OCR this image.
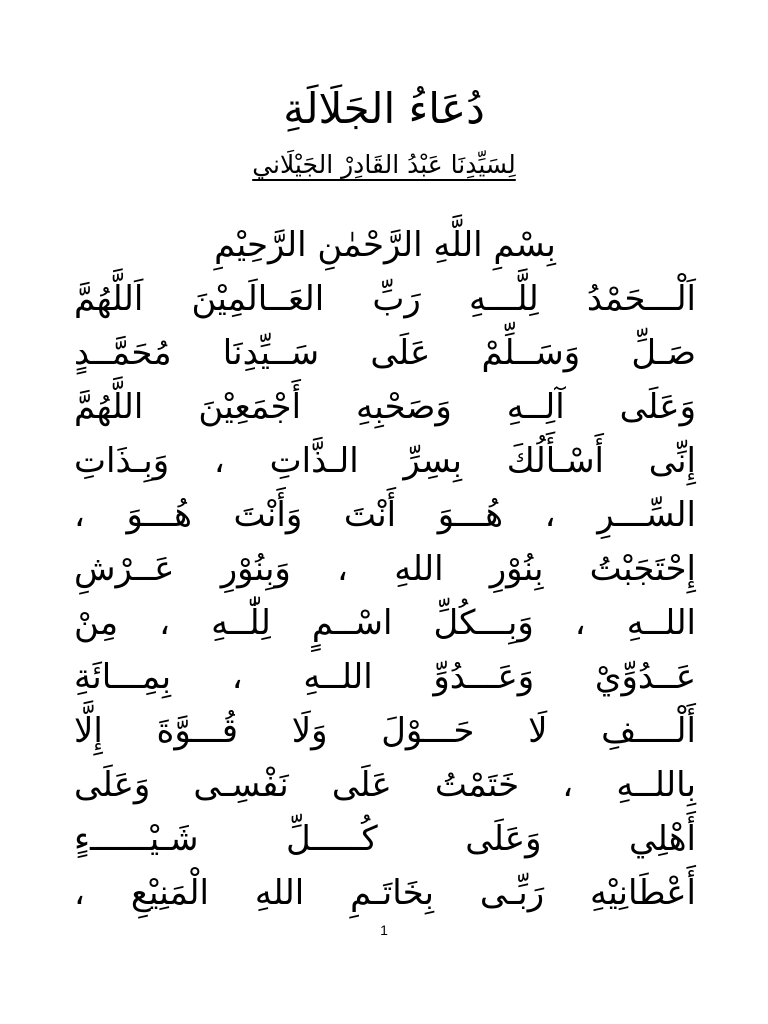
دُعَاءُ الجَلَالَةِ
لِسَيِّدِنَا عَبْدُ القَادِرْ الجَيْلَاني
بِسْمِ اللَّهِ الرَّحْمٰنِ الرَّحِيْمِ
اَلْـــحَمْدُ لِلَّـــهِ رَبِّ العَــالَمِيْنَ اَللَّهُمَّ
صَـلِّ وَسَــلِّمْ عَلَى سَــيِّدِنَا مُحَمَّــدٍ
وَعَلَى آلِــهِ وَصَحْبِهِ أَجْمَعِيْنَ اللَّهُمَّ
إِنِّى أَسْـأَلُكَ بِسِرِّ الـذَّاتِ ، وَبِـذَاتِ
السِّـــرِ ، هُـــوَ أَنْتَ وَأَنْتَ هُـــوَ ،
إِحْتَجَبْتُ بِنُوْرِ اللهِ ، وَبِنُوْرِ عَــرْشِ
اللــهِ ، وَبِـــكُلِّ اسْــمٍ لِلّٰــهِ ، مِنْ
عَــدُوِّيْ وَعَـــدُوِّ اللــهِ ، بِمِـــائَةِ
أَلْــــفِ لَا حَـــوْلَ وَلَا قُـــوَّةَ إِلَّا
بِاللــهِ ، خَتَمْتُ عَلَى نَفْسِـى وَعَلَى
أَهْلِي وَعَلَى كُـــــلِّ شَـيْــــــءٍ
أَعْطَانِيْهِ رَبِّـى بِخَاتَـمِ اللهِ الْمَنِيْعِ ،
1
